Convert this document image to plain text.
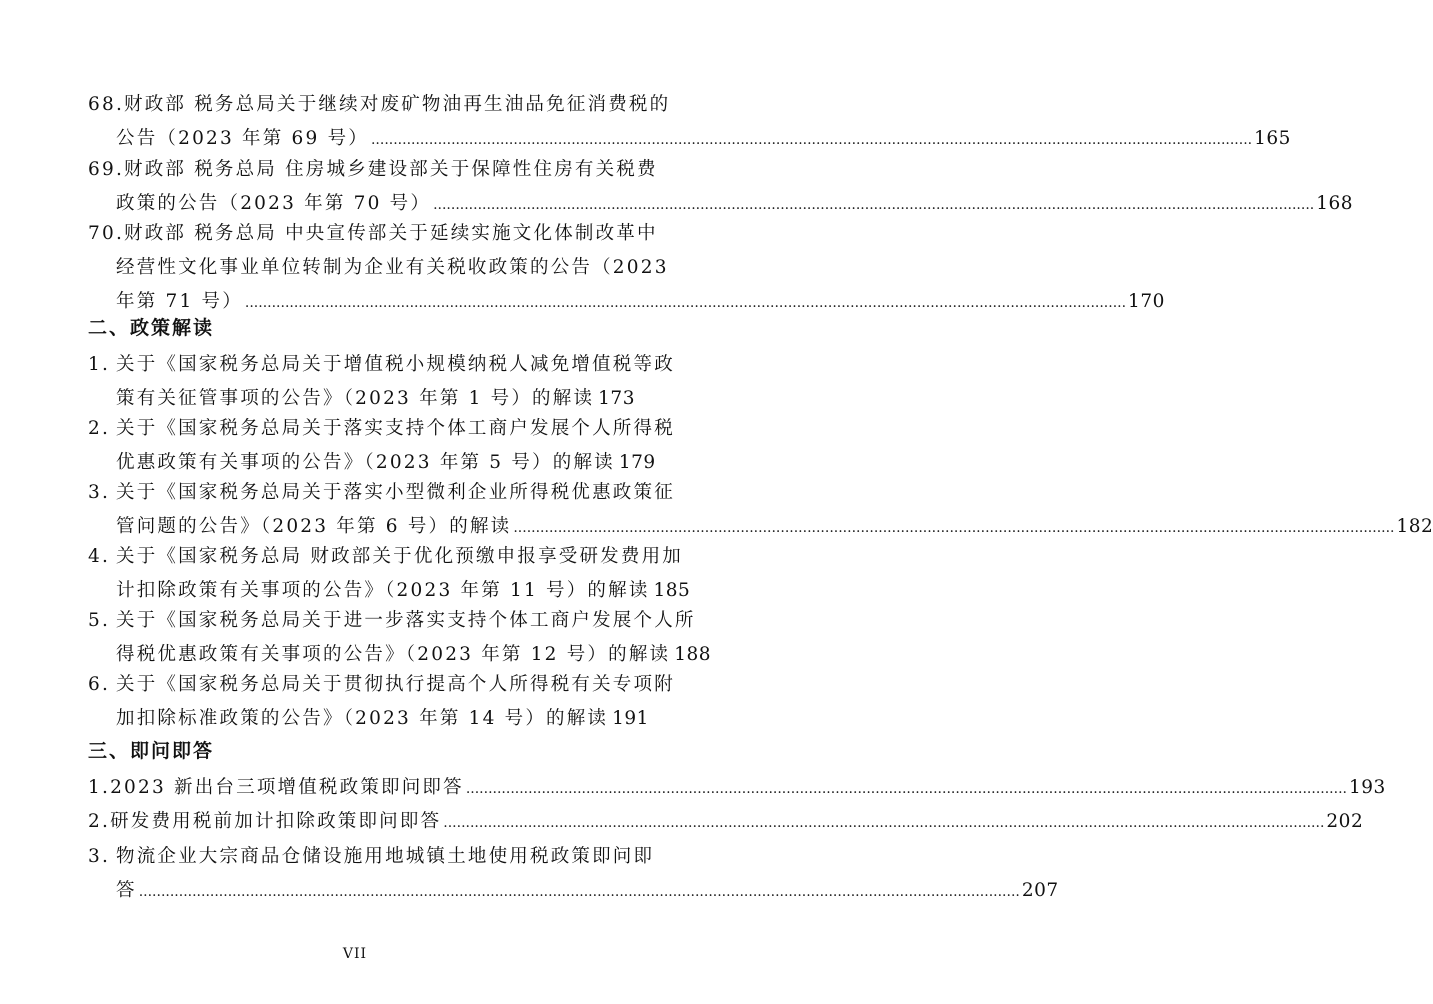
68.财政部 税务总局关于继续对废矿物油再生油品免征消费税的
公告（2023 年第 69 号） .....	165
69.财政部 税务总局 住房城乡建设部关于保障性住房有关税费
政策的公告（2023 年第 70 号） .....	168
70.财政部 税务总局 中央宣传部关于延续实施文化体制改革中
经营性文化事业单位转制为企业有关税收政策的公告（2023
年第 71 号） .....	170
二、政策解读
1. 关于《国家税务总局关于增值税小规模纳税人减免增值税等政
策有关征管事项的公告》（2023 年第 1 号）的解读 173
2. 关于《国家税务总局关于落实支持个体工商户发展个人所得税
优惠政策有关事项的公告》（2023 年第 5 号）的解读 179
3. 关于《国家税务总局关于落实小型微利企业所得税优惠政策征
管问题的公告》（2023 年第 6 号）的解读 .....	182
4. 关于《国家税务总局 财政部关于优化预缴申报享受研发费用加
计扣除政策有关事项的公告》（2023 年第 11 号）的解读 185
5. 关于《国家税务总局关于进一步落实支持个体工商户发展个人所
得税优惠政策有关事项的公告》（2023 年第 12 号）的解读 188
6. 关于《国家税务总局关于贯彻执行提高个人所得税有关专项附
加扣除标准政策的公告》（2023 年第 14 号）的解读 191
三、即问即答
1. 2023 新出台三项增值税政策即问即答 .....	193
2. 研发费用税前加计扣除政策即问即答 .....	202
3. 物流企业大宗商品仓储设施用地城镇土地使用税政策即问即
答 .....	207
VII
